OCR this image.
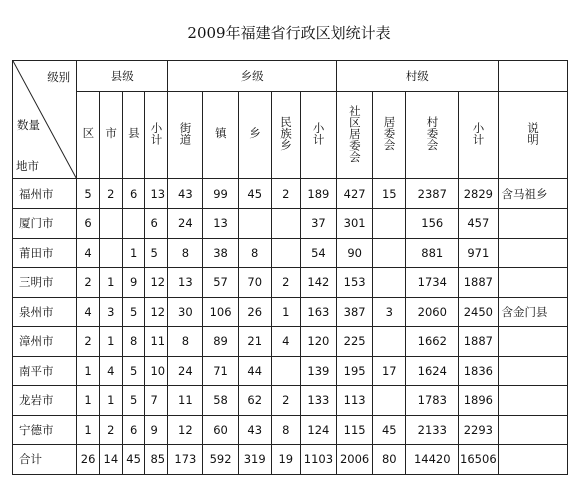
2009年福建省行政区划统计表
级别
数量
地市	县级				乡级					村级				
	区	市	县	小计	街道	镇	乡	民族乡	小计	社区居委会	居委会	村委会	小计	说明
福州市	5	2	6	13	43	99	45	2	189	427	15	2387	2829	含马祖乡
厦门市	6			6	24	13			37	301		156	457	
莆田市	4		1	5	8	38	8		54	90		881	971	
三明市	2	1	9	12	13	57	70	2	142	153		1734	1887	
泉州市	4	3	5	12	30	106	26	1	163	387	3	2060	2450	含金门县
漳州市	2	1	8	11	8	89	21	4	120	225		1662	1887	
南平市	1	4	5	10	24	71	44		139	195	17	1624	1836	
龙岩市	1	1	5	7	11	58	62	2	133	113		1783	1896	
宁德市	1	2	6	9	12	60	43	8	124	115	45	2133	2293	
合计	26	14	45	85	173	592	319	19	1103	2006	80	14420	16506	
